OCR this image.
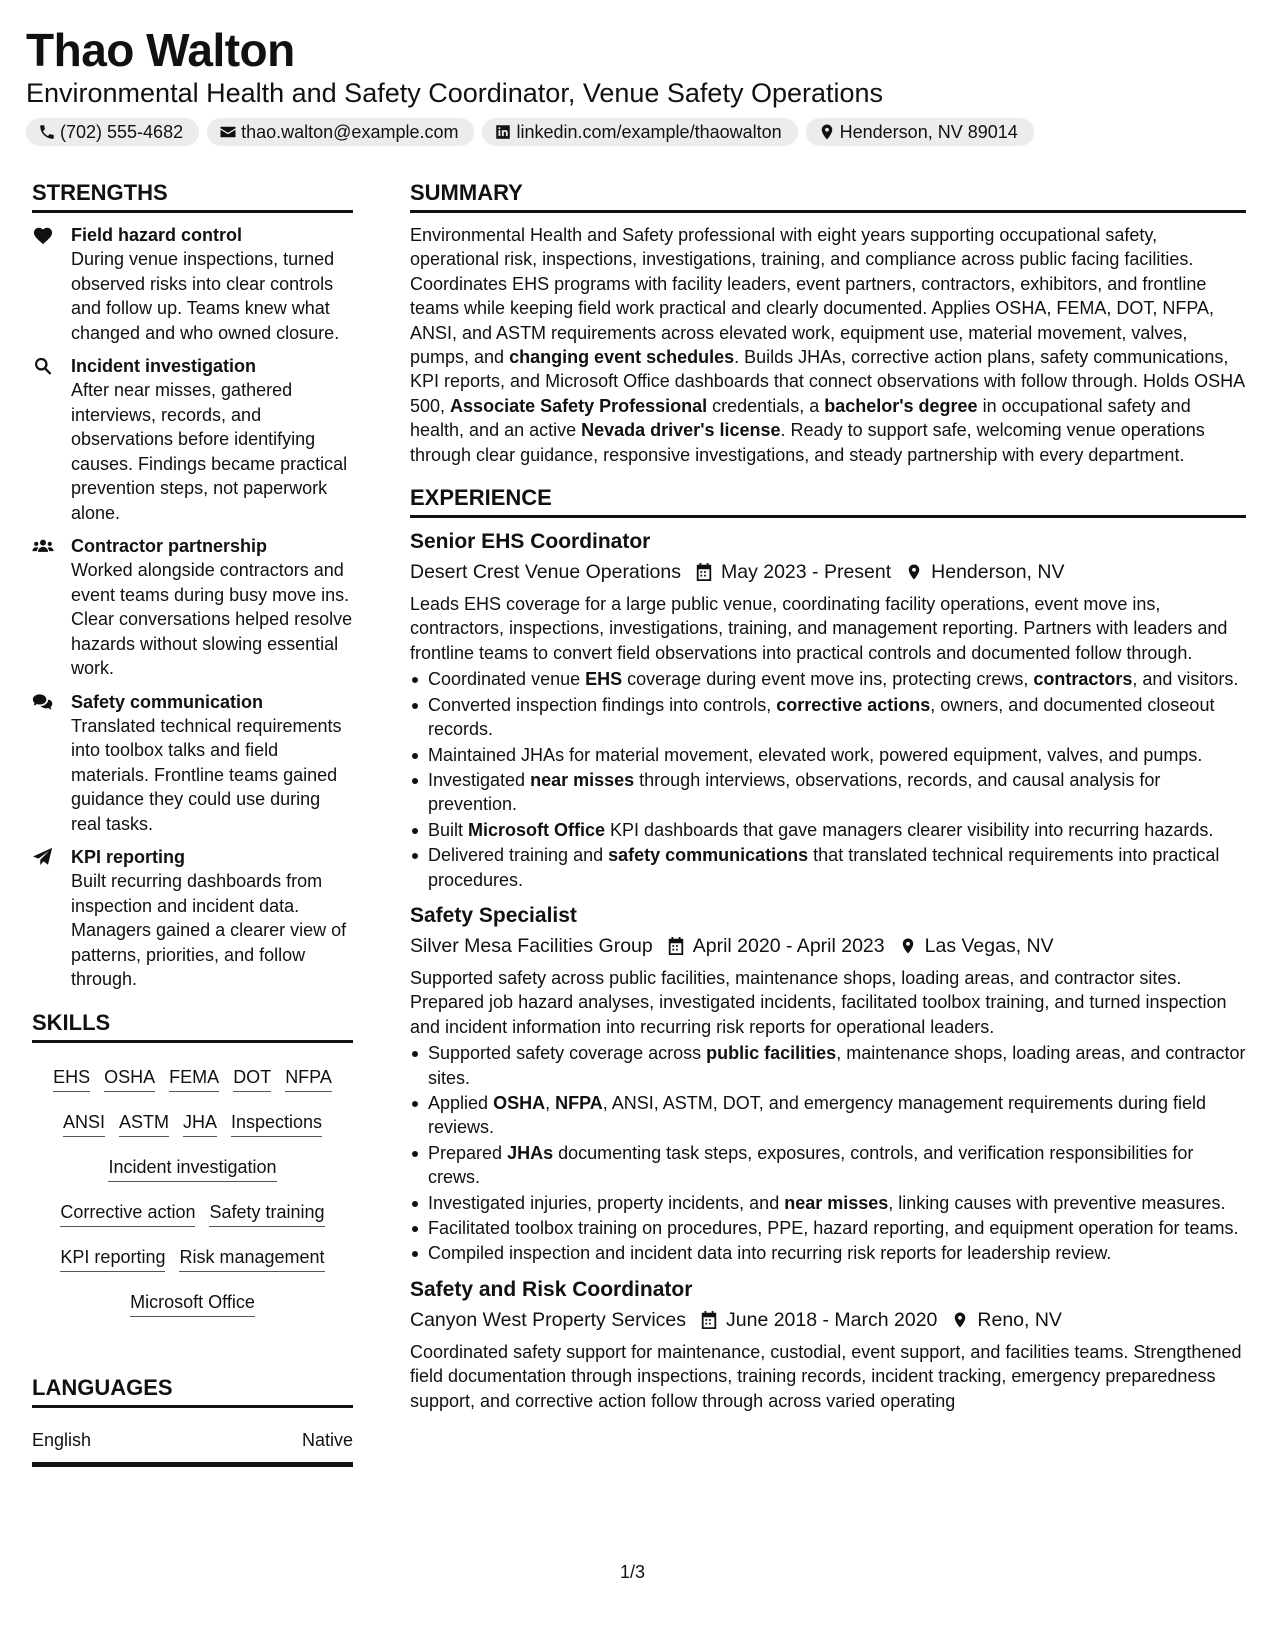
Thao Walton
Environmental Health and Safety Coordinator, Venue Safety Operations
(702) 555-4682	thao.walton@example.com	linkedin.com/example/thaowalton	Henderson, NV 89014
STRENGTHS
Field hazard control
During venue inspections, turned observed risks into clear controls and follow up. Teams knew what changed and who owned closure.
Incident investigation
After near misses, gathered interviews, records, and observations before identifying causes. Findings became practical prevention steps, not paperwork alone.
Contractor partnership
Worked alongside contractors and event teams during busy move ins. Clear conversations helped resolve hazards without slowing essential work.
Safety communication
Translated technical requirements into toolbox talks and field materials. Frontline teams gained guidance they could use during real tasks.
KPI reporting
Built recurring dashboards from inspection and incident data. Managers gained a clearer view of patterns, priorities, and follow through.
SKILLS
EHS OSHA FEMA DOT NFPA
ANSI ASTM JHA Inspections
Incident investigation
Corrective action Safety training
KPI reporting Risk management
Microsoft Office
LANGUAGES
English	Native
SUMMARY
Environmental Health and Safety professional with eight years supporting occupational safety, operational risk, inspections, investigations, training, and compliance across public facing facilities. Coordinates EHS programs with facility leaders, event partners, contractors, exhibitors, and frontline teams while keeping field work practical and clearly documented. Applies OSHA, FEMA, DOT, NFPA, ANSI, and ASTM requirements across elevated work, equipment use, material movement, valves, pumps, and changing event schedules. Builds JHAs, corrective action plans, safety communications, KPI reports, and Microsoft Office dashboards that connect observations with follow through. Holds OSHA 500, Associate Safety Professional credentials, a bachelor's degree in occupational safety and health, and an active Nevada driver's license. Ready to support safe, welcoming venue operations through clear guidance, responsive investigations, and steady partnership with every department.
EXPERIENCE
Senior EHS Coordinator
Desert Crest Venue Operations May 2023 - Present Henderson, NV
Leads EHS coverage for a large public venue, coordinating facility operations, event move ins, contractors, inspections, investigations, training, and management reporting. Partners with leaders and frontline teams to convert field observations into practical controls and documented follow through.
Coordinated venue EHS coverage during event move ins, protecting crews, contractors, and visitors.
Converted inspection findings into controls, corrective actions, owners, and documented closeout records.
Maintained JHAs for material movement, elevated work, powered equipment, valves, and pumps.
Investigated near misses through interviews, observations, records, and causal analysis for prevention.
Built Microsoft Office KPI dashboards that gave managers clearer visibility into recurring hazards.
Delivered training and safety communications that translated technical requirements into practical procedures.
Safety Specialist
Silver Mesa Facilities Group April 2020 - April 2023 Las Vegas, NV
Supported safety across public facilities, maintenance shops, loading areas, and contractor sites. Prepared job hazard analyses, investigated incidents, facilitated toolbox training, and turned inspection and incident information into recurring risk reports for operational leaders.
Supported safety coverage across public facilities, maintenance shops, loading areas, and contractor sites.
Applied OSHA, NFPA, ANSI, ASTM, DOT, and emergency management requirements during field reviews.
Prepared JHAs documenting task steps, exposures, controls, and verification responsibilities for crews.
Investigated injuries, property incidents, and near misses, linking causes with preventive measures.
Facilitated toolbox training on procedures, PPE, hazard reporting, and equipment operation for teams.
Compiled inspection and incident data into recurring risk reports for leadership review.
Safety and Risk Coordinator
Canyon West Property Services June 2018 - March 2020 Reno, NV
Coordinated safety support for maintenance, custodial, event support, and facilities teams. Strengthened field documentation through inspections, training records, incident tracking, emergency preparedness support, and corrective action follow through across varied operating
1/3
